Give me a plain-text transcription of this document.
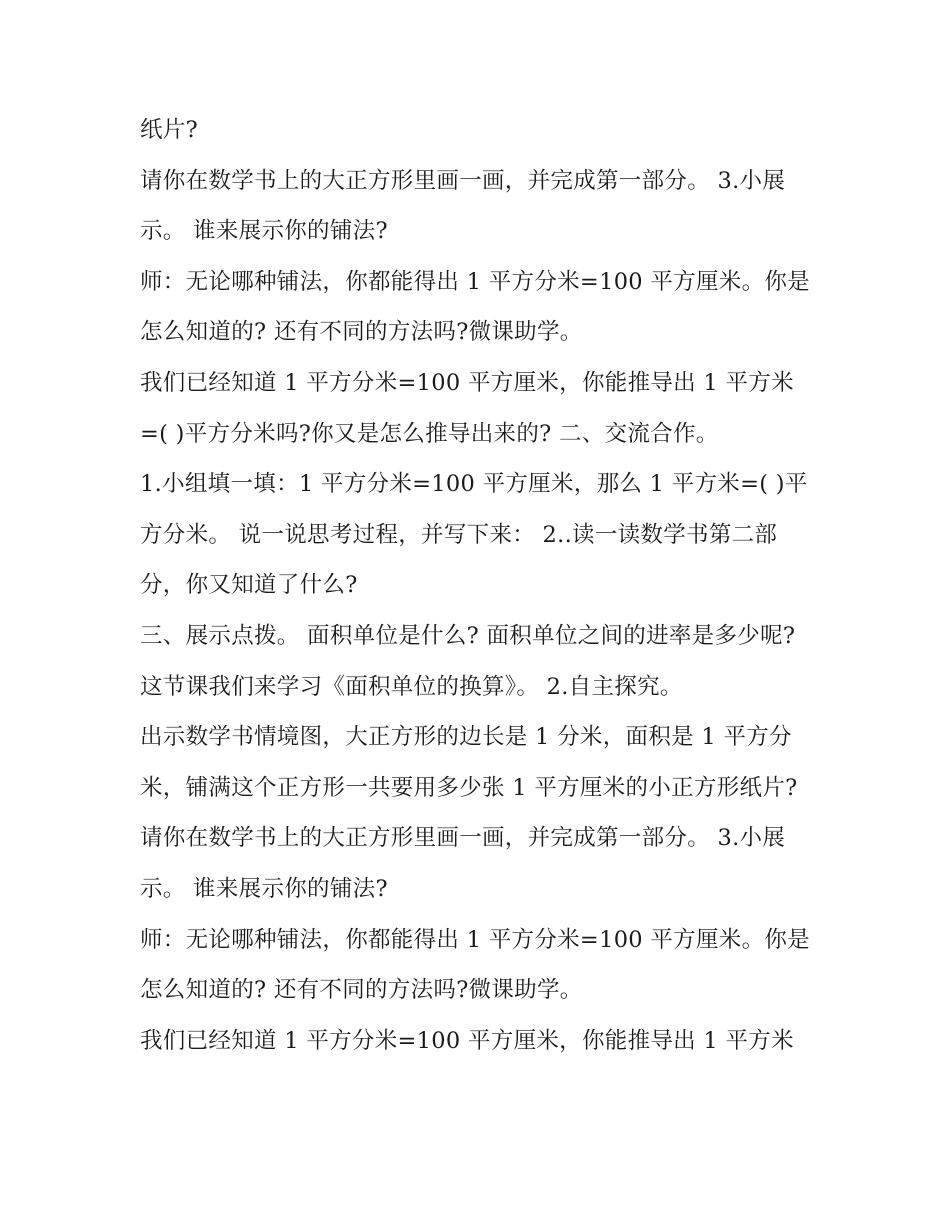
纸片?

请你在数学书上的大正方形里画一画，并完成第一部分。 3.小展示。 谁来展示你的铺法?

师：无论哪种铺法，你都能得出 1 平方分米=100 平方厘米。你是怎么知道的? 还有不同的方法吗?微课助学。

我们已经知道 1 平方分米=100 平方厘米，你能推导出 1 平方米=( )平方分米吗?你又是怎么推导出来的? 二、交流合作。

1.小组填一填：1 平方分米=100 平方厘米，那么 1 平方米=( )平方分米。 说一说思考过程，并写下来： 2..读一读数学书第二部分，你又知道了什么?

三、展示点拨。 面积单位是什么? 面积单位之间的进率是多少呢?这节课我们来学习《面积单位的换算》。 2.自主探究。

出示数学书情境图，大正方形的边长是 1 分米，面积是 1 平方分米，铺满这个正方形一共要用多少张 1 平方厘米的小正方形纸片?

请你在数学书上的大正方形里画一画，并完成第一部分。 3.小展示。 谁来展示你的铺法?

师：无论哪种铺法，你都能得出 1 平方分米=100 平方厘米。你是怎么知道的? 还有不同的方法吗?微课助学。

我们已经知道 1 平方分米=100 平方厘米，你能推导出 1 平方米
